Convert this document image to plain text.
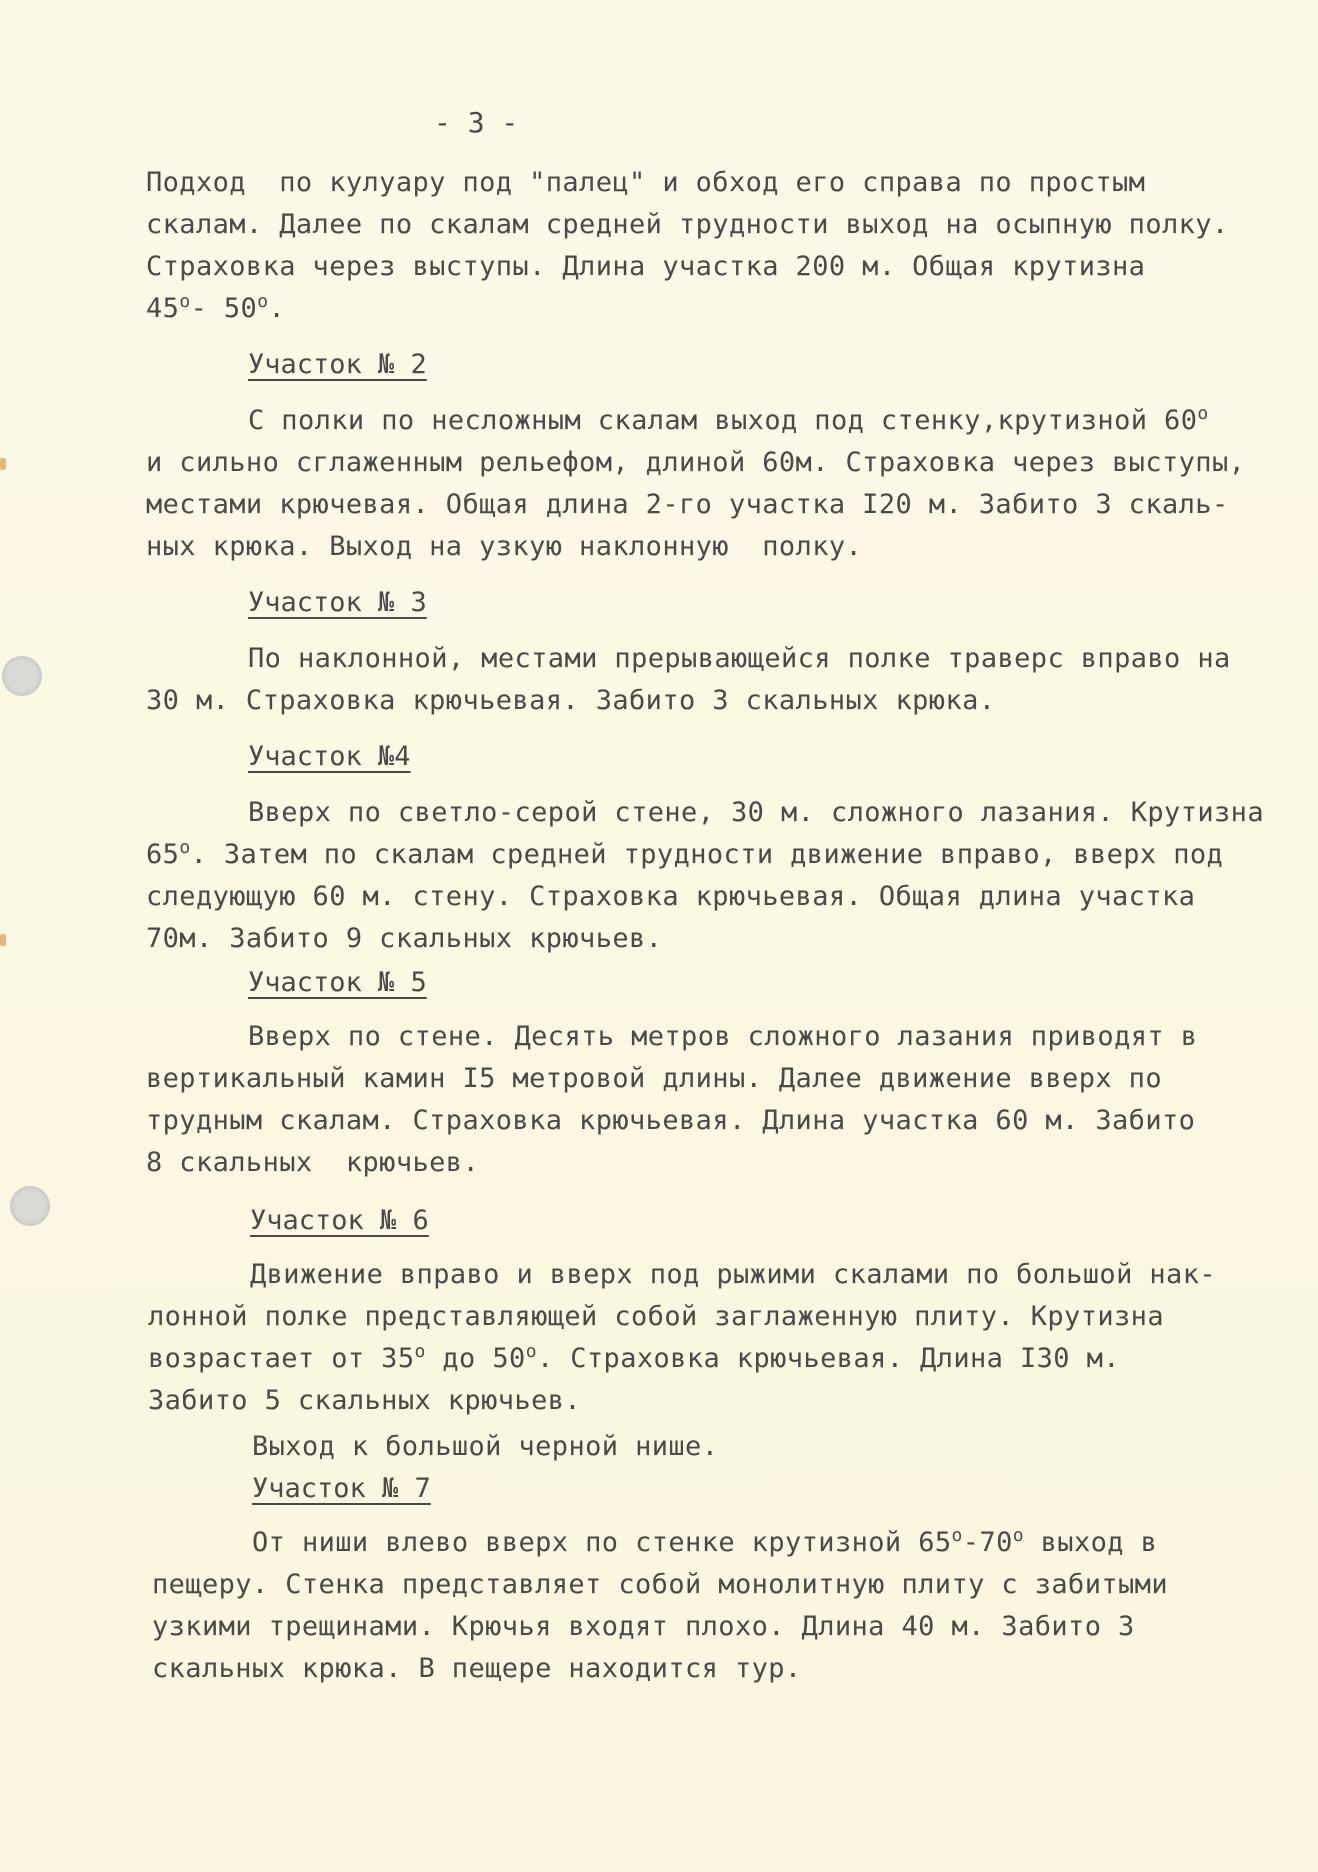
- 3 -
Подход  по кулуару под "палец" и обход его справа по простым
скалам. Далее по скалам средней трудности выход на осыпную полку.
Страховка через выступы. Длина участка 200 м. Общая крутизна
45$^o$- 50$^o$.
Участок № 2
С полки по несложным скалам выход под стенку,крутизной 60$^o$
и сильно сглаженным рельефом, длиной 60м. Страховка через выступы,
местами крючевая. Общая длина 2-го участка I20 м. Забито 3 скаль-
ных крюка. Выход на узкую наклонную  полку.
Участок № 3
По наклонной, местами прерывающейся полке траверс вправо на
30 м. Страховка крючьевая. Забито 3 скальных крюка.
Участок №4
Вверх по светло-серой стене, 30 м. сложного лазания. Крутизна
65$^o$. Затем по скалам средней трудности движение вправо, вверх под
следующую 60 м. стену. Страховка крючьевая. Общая длина участка
70м. Забито 9 скальных крючьев.
Участок № 5
Вверх по стене. Десять метров сложного лазания приводят в
вертикальный камин I5 метровой длины. Далее движение вверх по
трудным скалам. Страховка крючьевая. Длина участка 60 м. Забито
8 скальных  крючьев.
Участок № 6
Движение вправо и вверх под рыжими скалами по большой нак-
лонной полке представляющей собой заглаженную плиту. Крутизна
возрастает от 35$^o$ до 50$^o$. Страховка крючьевая. Длина I30 м.
Забито 5 скальных крючьев.
Выход к большой черной нише.
Участок № 7
От ниши влево вверх по стенке крутизной 65$^o$-70$^o$ выход в
пещеру. Стенка представляет собой монолитную плиту с забитыми
узкими трещинами. Крючья входят плохо. Длина 40 м. Забито 3
скальных крюка. В пещере находится тур.
